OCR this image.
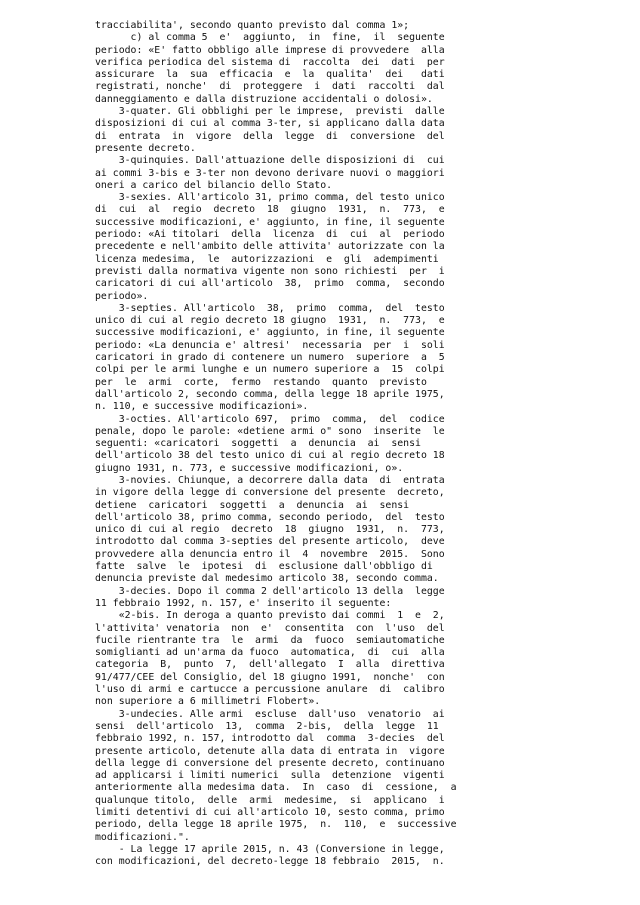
tracciabilita', secondo quanto previsto dal comma 1»;
c) al comma 5  e'  aggiunto,  in  fine,  il  seguente
periodo: «E' fatto obbligo alle imprese di provvedere  alla
verifica periodica del sistema di  raccolta  dei  dati  per
assicurare  la  sua  efficacia  e  la  qualita'  dei   dati
registrati, nonche'  di  proteggere  i  dati  raccolti  dal
danneggiamento e dalla distruzione accidentali o dolosi».
3-quater. Gli obblighi per le imprese,  previsti  dalle
disposizioni di cui al comma 3-ter, si applicano dalla data
di  entrata  in  vigore  della  legge  di  conversione  del
presente decreto.
3-quinquies. Dall'attuazione delle disposizioni di  cui
ai commi 3-bis e 3-ter non devono derivare nuovi o maggiori
oneri a carico del bilancio dello Stato.
3-sexies. All'articolo 31, primo comma, del testo unico
di  cui  al  regio  decreto  18  giugno  1931,  n.  773,  e
successive modificazioni, e' aggiunto, in fine, il seguente
periodo: «Ai titolari  della  licenza  di  cui  al  periodo
precedente e nell'ambito delle attivita' autorizzate con la
licenza medesima,  le  autorizzazioni  e  gli  adempimenti
previsti dalla normativa vigente non sono richiesti  per  i
caricatori di cui all'articolo  38,  primo  comma,  secondo
periodo».
3-septies. All'articolo  38,  primo  comma,  del  testo
unico di cui al regio decreto 18 giugno  1931,  n.  773,  e
successive modificazioni, e' aggiunto, in fine, il seguente
periodo: «La denuncia e' altresi'  necessaria  per  i  soli
caricatori in grado di contenere un numero  superiore  a  5
colpi per le armi lunghe e un numero superiore a  15  colpi
per  le  armi  corte,  fermo  restando  quanto  previsto
dall'articolo 2, secondo comma, della legge 18 aprile 1975,
n. 110, e successive modificazioni».
3-octies. All'articolo 697,  primo  comma,  del  codice
penale, dopo le parole: «detiene armi o" sono  inserite  le
seguenti: «caricatori  soggetti  a  denuncia  ai  sensi
dell'articolo 38 del testo unico di cui al regio decreto 18
giugno 1931, n. 773, e successive modificazioni, o».
3-novies. Chiunque, a decorrere dalla data  di  entrata
in vigore della legge di conversione del presente  decreto,
detiene  caricatori  soggetti  a  denuncia  ai  sensi
dell'articolo 38, primo comma, secondo periodo,  del  testo
unico di cui al regio  decreto  18  giugno  1931,  n.  773,
introdotto dal comma 3-septies del presente articolo,  deve
provvedere alla denuncia entro il  4  novembre  2015.  Sono
fatte  salve  le  ipotesi  di  esclusione dall'obbligo di
denuncia previste dal medesimo articolo 38, secondo comma.
3-decies. Dopo il comma 2 dell'articolo 13 della  legge
11 febbraio 1992, n. 157, e' inserito il seguente:
«2-bis. In deroga a quanto previsto dai commi  1  e  2,
l'attivita' venatoria  non  e'  consentita  con  l'uso  del
fucile rientrante tra  le  armi  da  fuoco  semiautomatiche
somiglianti ad un'arma da fuoco  automatica,  di  cui  alla
categoria  B,  punto  7,  dell'allegato  I  alla  direttiva
91/477/CEE del Consiglio, del 18 giugno 1991,  nonche'  con
l'uso di armi e cartucce a percussione anulare  di  calibro
non superiore a 6 millimetri Flobert».
3-undecies. Alle armi  escluse  dall'uso  venatorio  ai
sensi  dell'articolo  13,  comma  2-bis,  della  legge  11
febbraio 1992, n. 157, introdotto dal  comma  3-decies  del
presente articolo, detenute alla data di entrata in  vigore
della legge di conversione del presente decreto, continuano
ad applicarsi i limiti numerici  sulla  detenzione  vigenti
anteriormente alla medesima data.  In  caso  di  cessione,  a
qualunque titolo,  delle  armi  medesime,  si  applicano  i
limiti detentivi di cui all'articolo 10, sesto comma, primo
periodo, della legge 18 aprile 1975,  n.  110,  e  successive
modificazioni.".
- La legge 17 aprile 2015, n. 43 (Conversione in legge,
con modificazioni, del decreto-legge 18 febbraio  2015,  n.
